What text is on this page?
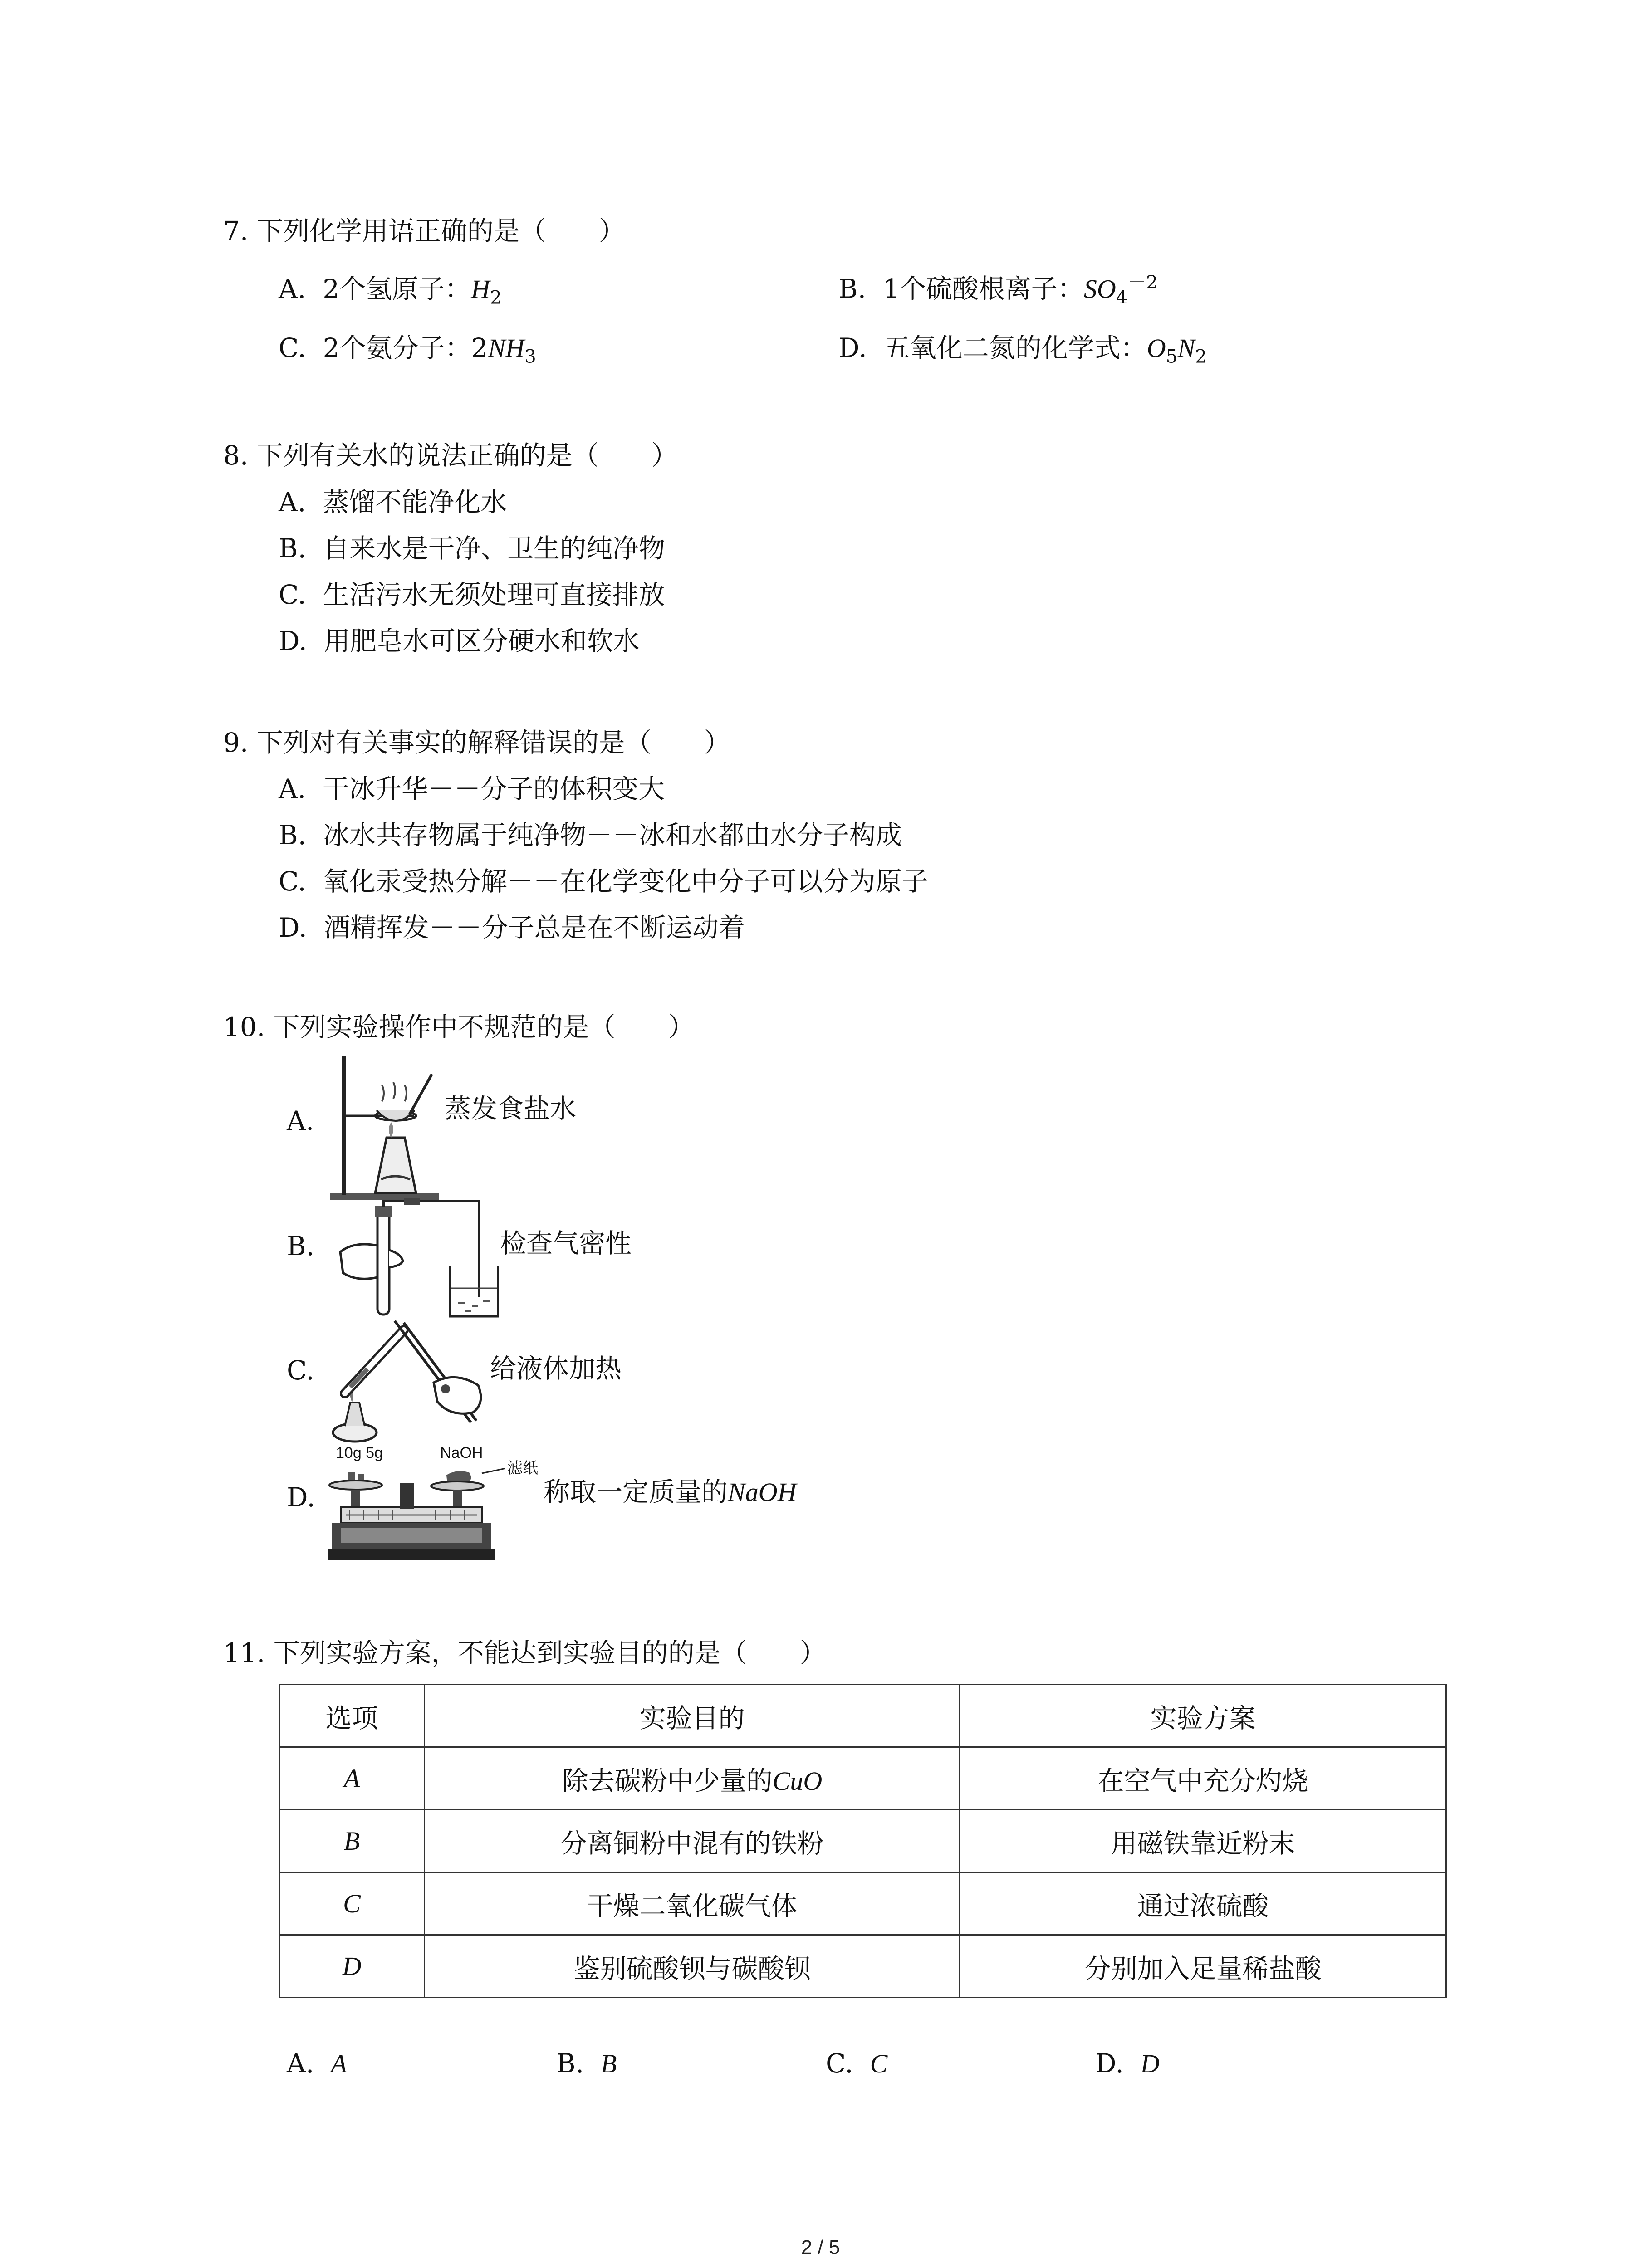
7. 下列化学用语正确的是（　　）
A. 2个氢原子：$H_2$	B. 1个硫酸根离子：$SO_4^{-2}$
C. 2个氨分子：$2NH_3$	D. 五氧化二氮的化学式：$O_5N_2$
8. 下列有关水的说法正确的是（　　）
A. 蒸馏不能净化水
B. 自来水是干净、卫生的纯净物
C. 生活污水无须处理可直接排放
D. 用肥皂水可区分硬水和软水
9. 下列对有关事实的解释错误的是（　　）
A. 干冰升华－－分子的体积变大
B. 冰水共存物属于纯净物－－冰和水都由水分子构成
C. 氧化汞受热分解－－在化学变化中分子可以分为原子
D. 酒精挥发－－分子总是在不断运动着
10. 下列实验操作中不规范的是（　　）
A.	蒸发食盐水
B.	检查气密性
C.	给液体加热
D.
10g 5g	NaOH
滤纸
称取一定质量的NaOH
11. 下列实验方案，不能达到实验目的的是（　　）
选项	实验目的	实验方案
A	除去碳粉中少量的CuO	在空气中充分灼烧
B	分离铜粉中混有的铁粉	用磁铁靠近粉末
C	干燥二氧化碳气体	通过浓硫酸
D	鉴别硫酸钡与碳酸钡	分别加入足量稀盐酸
A. A	B. B	C. C	D. D
2 / 5
